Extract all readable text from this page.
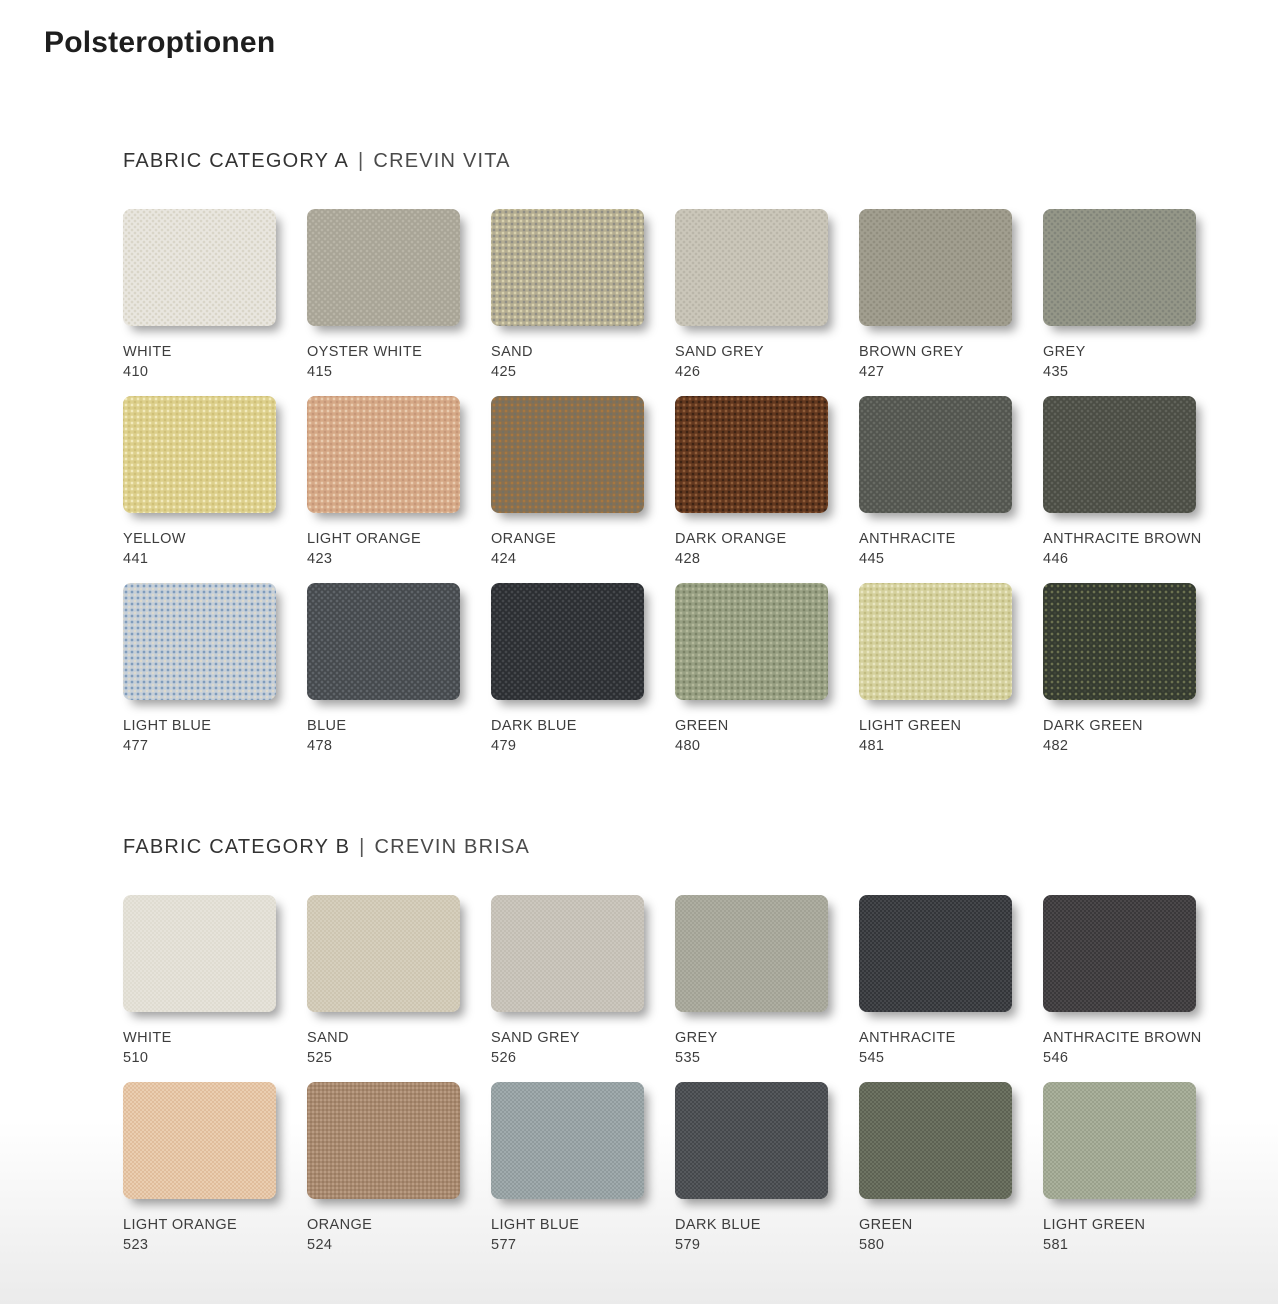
Polsteroptionen
FABRIC CATEGORY A | CREVIN VITA
WHITE
410
OYSTER WHITE
415
SAND
425
SAND GREY
426
BROWN GREY
427
GREY
435
YELLOW
441
LIGHT ORANGE
423
ORANGE
424
DARK ORANGE
428
ANTHRACITE
445
ANTHRACITE BROWN
446
LIGHT BLUE
477
BLUE
478
DARK BLUE
479
GREEN
480
LIGHT GREEN
481
DARK GREEN
482
FABRIC CATEGORY B | CREVIN BRISA
WHITE
510
SAND
525
SAND GREY
526
GREY
535
ANTHRACITE
545
ANTHRACITE BROWN
546
LIGHT ORANGE
523
ORANGE
524
LIGHT BLUE
577
DARK BLUE
579
GREEN
580
LIGHT GREEN
581
